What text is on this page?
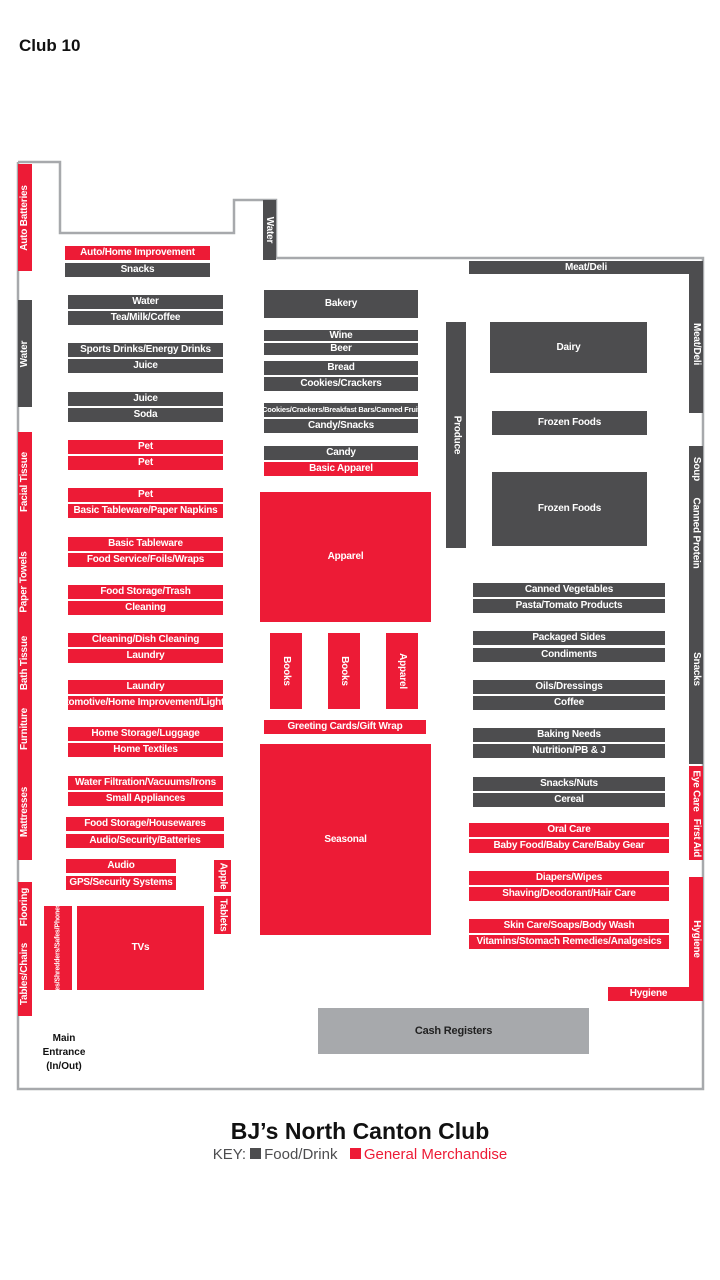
Club 10
Auto Batteries
Water
Facial Tissue
Paper Towels
Bath Tissue
Furniture
Mattresses
Flooring
Tables/Chairs
Auto/Home Improvement
Snacks
Water
Tea/Milk/Coffee
Sports Drinks/Energy Drinks
Juice
Juice
Soda
Pet
Pet
Pet
Basic Tableware/Paper Napkins
Basic Tableware
Food Service/Foils/Wraps
Food Storage/Trash
Cleaning
Cleaning/Dish Cleaning
Laundry
Laundry
Automotive/Home Improvement/Lighting
Home Storage/Luggage
Home Textiles
Water Filtration/Vacuums/Irons
Small Appliances
Food Storage/Housewares
Audio/Security/Batteries
Audio
GPS/Security Systems
Office Supplies/Shredders/Safes/Phones/Printers/Ink	TVs
Apple
Tablets
Water
Meat/Deli
Bakery
Wine
Beer
Bread
Cookies/Crackers
Cookies/Crackers/Breakfast Bars/Canned Fruit
Candy/Snacks
Candy
Basic Apparel
Apparel
Books	Books	Apparel
Greeting Cards/Gift Wrap
Seasonal
Produce
Dairy
Frozen Foods
Frozen Foods
Canned Vegetables
Pasta/Tomato Products
Packaged Sides
Condiments
Oils/Dressings
Coffee
Baking Needs
Nutrition/PB & J
Snacks/Nuts
Cereal
Oral Care
Baby Food/Baby Care/Baby Gear
Diapers/Wipes
Shaving/Deodorant/Hair Care
Skin Care/Soaps/Body Wash
Vitamins/Stomach Remedies/Analgesics
Meat/Deli
Soup
Canned Protein
Snacks
Eye Care
First Aid
Hygiene
Hygiene
Cash Registers
Main
Entrance
(In/Out)
BJ’s North Canton Club
KEY: Food/Drink General Merchandise
